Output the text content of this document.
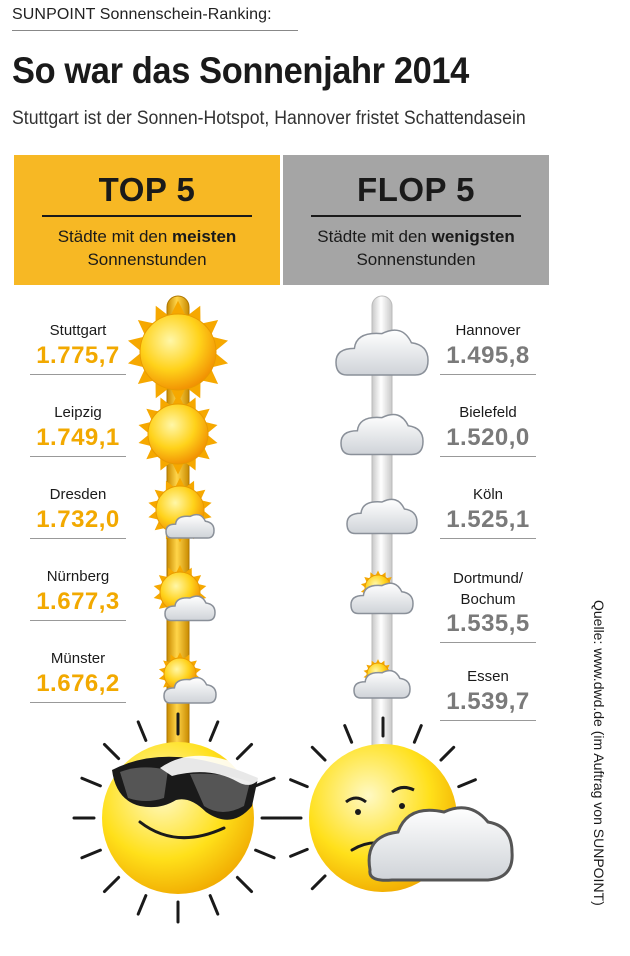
SUNPOINT Sonnenschein-Ranking:
So war das Sonnenjahr 2014
Stuttgart ist der Sonnen-Hotspot, Hannover fristet Schattendasein
TOP 5
Städte mit den meisten
Sonnenstunden
FLOP 5
Städte mit den wenigsten
Sonnenstunden
Stuttgart
1.775,7
Leipzig
1.749,1
Dresden
1.732,0
Nürnberg
1.677,3
Münster
1.676,2
Hannover
1.495,8
Bielefeld
1.520,0
Köln
1.525,1
Dortmund/
Bochum
1.535,5
Essen
1.539,7	Quelle: www.dwd.de (im Auftrag von SUNPOINT)
